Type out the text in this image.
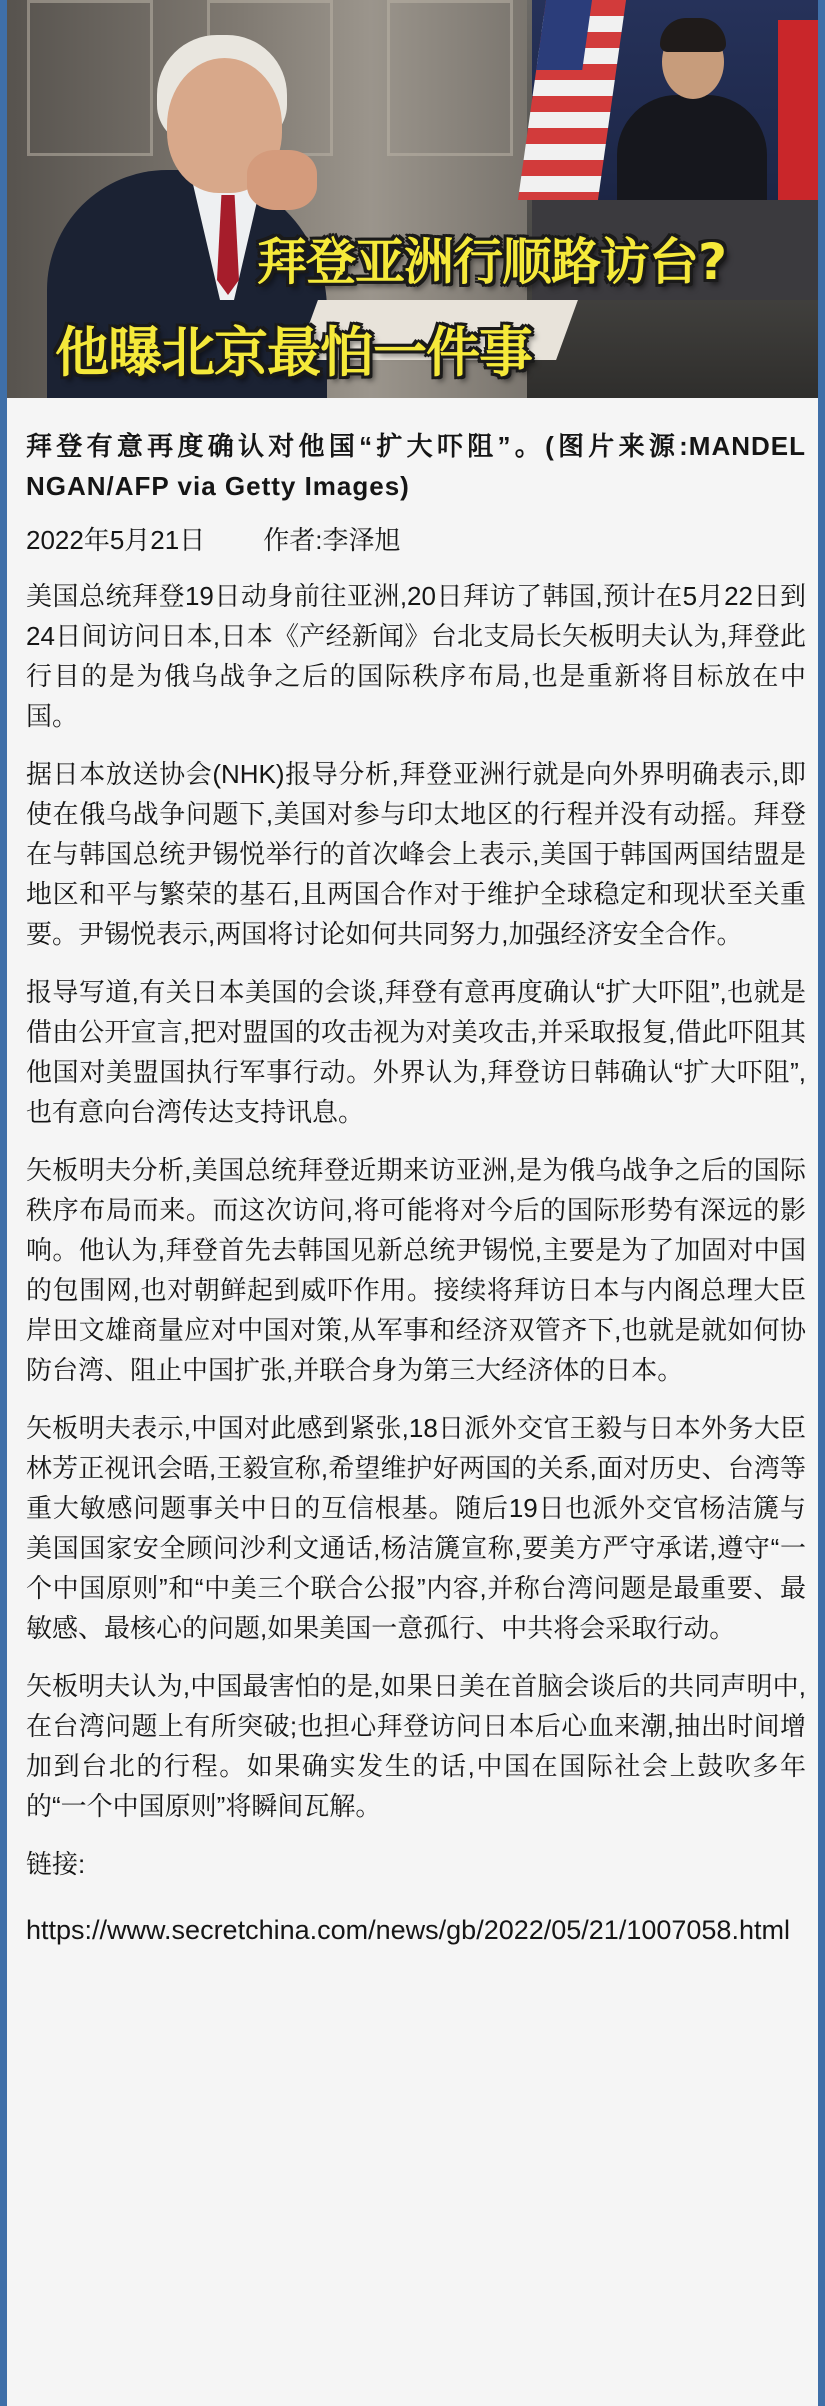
拜登亚洲行顺路访台?
他曝北京最怕一件事

拜登有意再度确认对他国“扩大吓阻”。(图片来源:MANDEL NGAN/AFP via Getty Images)

2022年5月21日 作者:李泽旭

美国总统拜登19日动身前往亚洲,20日拜访了韩国,预计在5月22日到24日间访问日本,日本《产经新闻》台北支局长矢板明夫认为,拜登此行目的是为俄乌战争之后的国际秩序布局,也是重新将目标放在中国。

据日本放送协会(NHK)报导分析,拜登亚洲行就是向外界明确表示,即使在俄乌战争问题下,美国对参与印太地区的行程并没有动摇。拜登在与韩国总统尹锡悦举行的首次峰会上表示,美国于韩国两国结盟是地区和平与繁荣的基石,且两国合作对于维护全球稳定和现状至关重要。尹锡悦表示,两国将讨论如何共同努力,加强经济安全合作。

报导写道,有关日本美国的会谈,拜登有意再度确认“扩大吓阻”,也就是借由公开宣言,把对盟国的攻击视为对美攻击,并采取报复,借此吓阻其他国对美盟国执行军事行动。外界认为,拜登访日韩确认“扩大吓阻”,也有意向台湾传达支持讯息。

矢板明夫分析,美国总统拜登近期来访亚洲,是为俄乌战争之后的国际秩序布局而来。而这次访问,将可能将对今后的国际形势有深远的影响。他认为,拜登首先去韩国见新总统尹锡悦,主要是为了加固对中国的包围网,也对朝鲜起到威吓作用。接续将拜访日本与内阁总理大臣岸田文雄商量应对中国对策,从军事和经济双管齐下,也就是就如何协防台湾、阻止中国扩张,并联合身为第三大经济体的日本。

矢板明夫表示,中国对此感到紧张,18日派外交官王毅与日本外务大臣林芳正视讯会晤,王毅宣称,希望维护好两国的关系,面对历史、台湾等重大敏感问题事关中日的互信根基。随后19日也派外交官杨洁篪与美国国家安全顾问沙利文通话,杨洁篪宣称,要美方严守承诺,遵守“一个中国原则”和“中美三个联合公报”内容,并称台湾问题是最重要、最敏感、最核心的问题,如果美国一意孤行、中共将会采取行动。

矢板明夫认为,中国最害怕的是,如果日美在首脑会谈后的共同声明中,在台湾问题上有所突破;也担心拜登访问日本后心血来潮,抽出时间增加到台北的行程。如果确实发生的话,中国在国际社会上鼓吹多年的“一个中国原则”将瞬间瓦解。

链接:

https://www.secretchina.com/news/gb/2022/05/21/1007058.html
